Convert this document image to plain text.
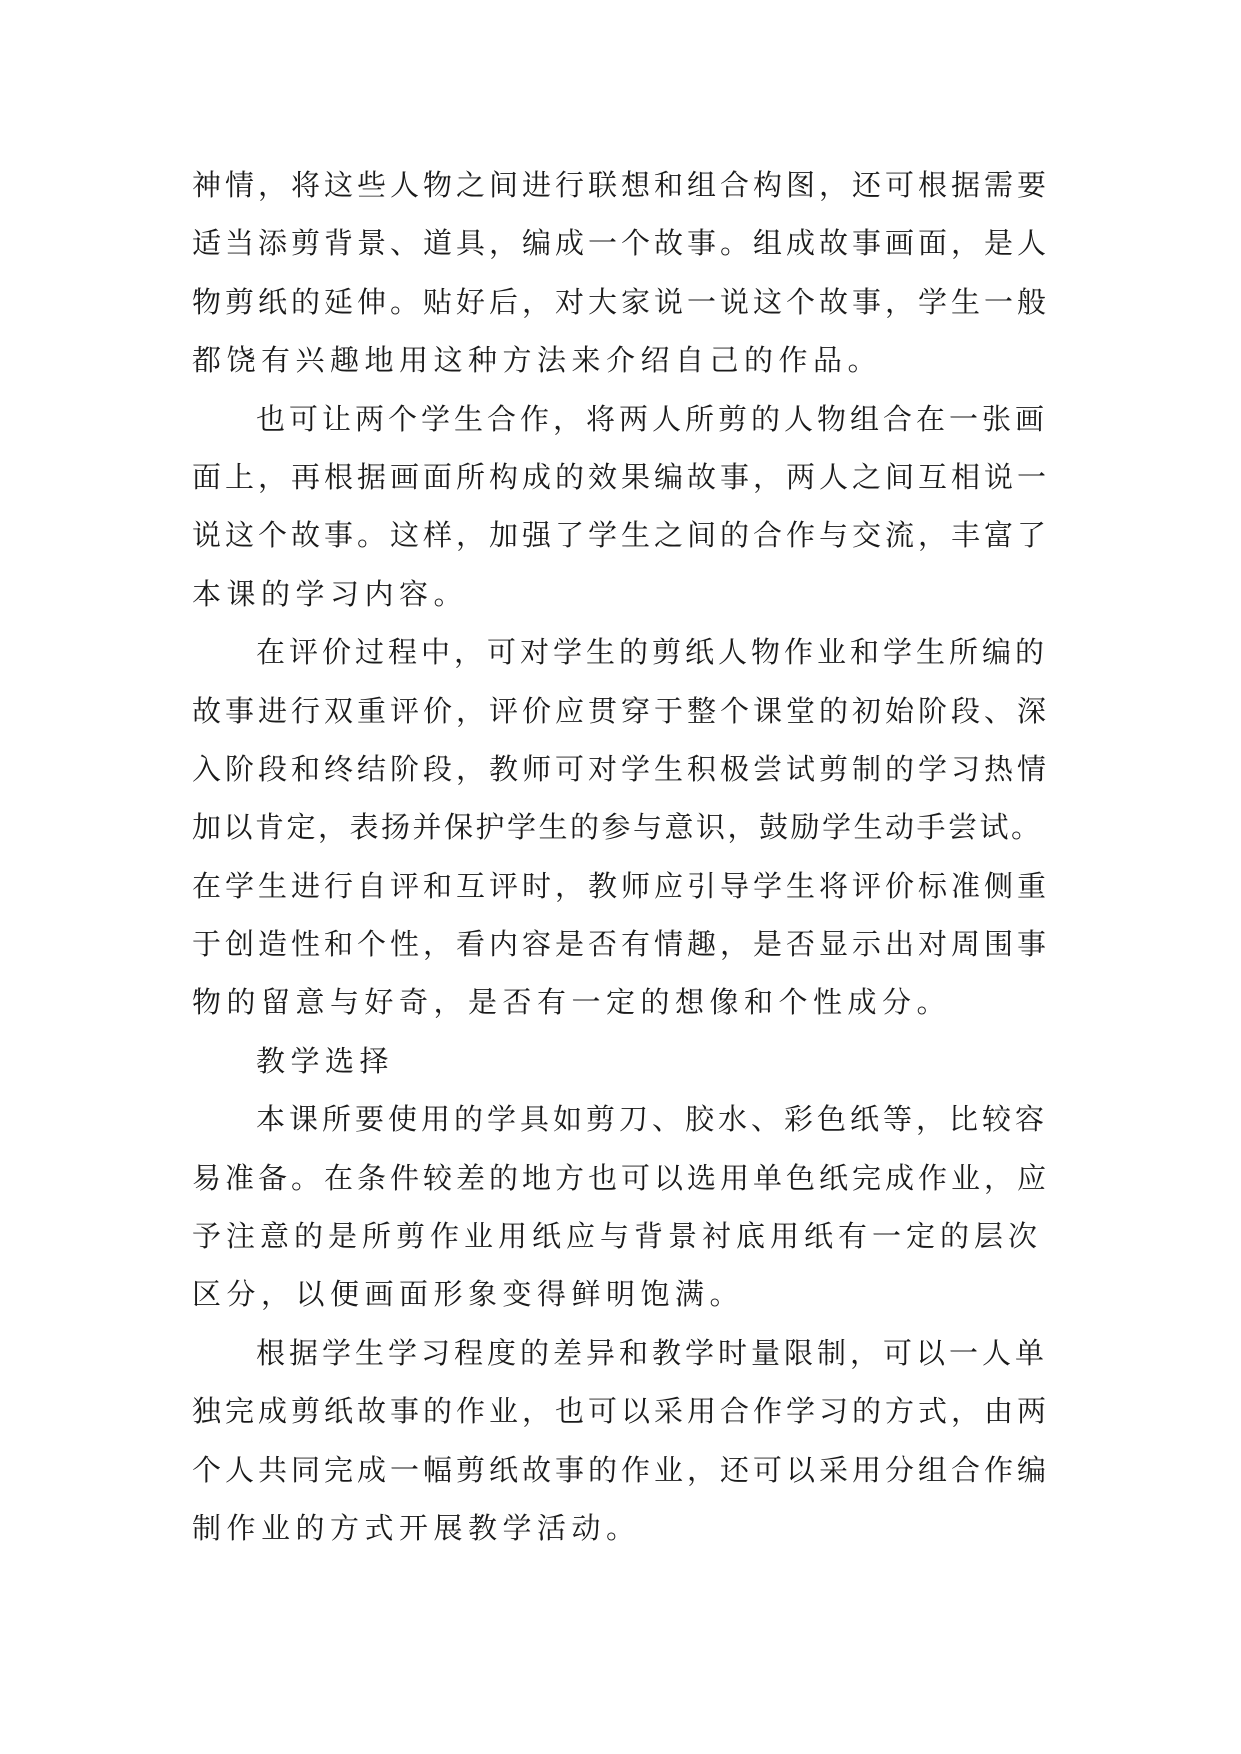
神情，将这些人物之间进行联想和组合构图，还可根据需要
适当添剪背景、道具，编成一个故事。组成故事画面，是人
物剪纸的延伸。贴好后，对大家说一说这个故事，学生一般
都饶有兴趣地用这种方法来介绍自己的作品。
也可让两个学生合作，将两人所剪的人物组合在一张画
面上，再根据画面所构成的效果编故事，两人之间互相说一
说这个故事。这样，加强了学生之间的合作与交流，丰富了
本课的学习内容。
在评价过程中，可对学生的剪纸人物作业和学生所编的
故事进行双重评价，评价应贯穿于整个课堂的初始阶段、深
入阶段和终结阶段，教师可对学生积极尝试剪制的学习热情
加以肯定，表扬并保护学生的参与意识，鼓励学生动手尝试。
在学生进行自评和互评时，教师应引导学生将评价标准侧重
于创造性和个性，看内容是否有情趣，是否显示出对周围事
物的留意与好奇，是否有一定的想像和个性成分。
教学选择
本课所要使用的学具如剪刀、胶水、彩色纸等，比较容
易准备。在条件较差的地方也可以选用单色纸完成作业，应
予注意的是所剪作业用纸应与背景衬底用纸有一定的层次
区分，以便画面形象变得鲜明饱满。
根据学生学习程度的差异和教学时量限制，可以一人单
独完成剪纸故事的作业，也可以采用合作学习的方式，由两
个人共同完成一幅剪纸故事的作业，还可以采用分组合作编
制作业的方式开展教学活动。
